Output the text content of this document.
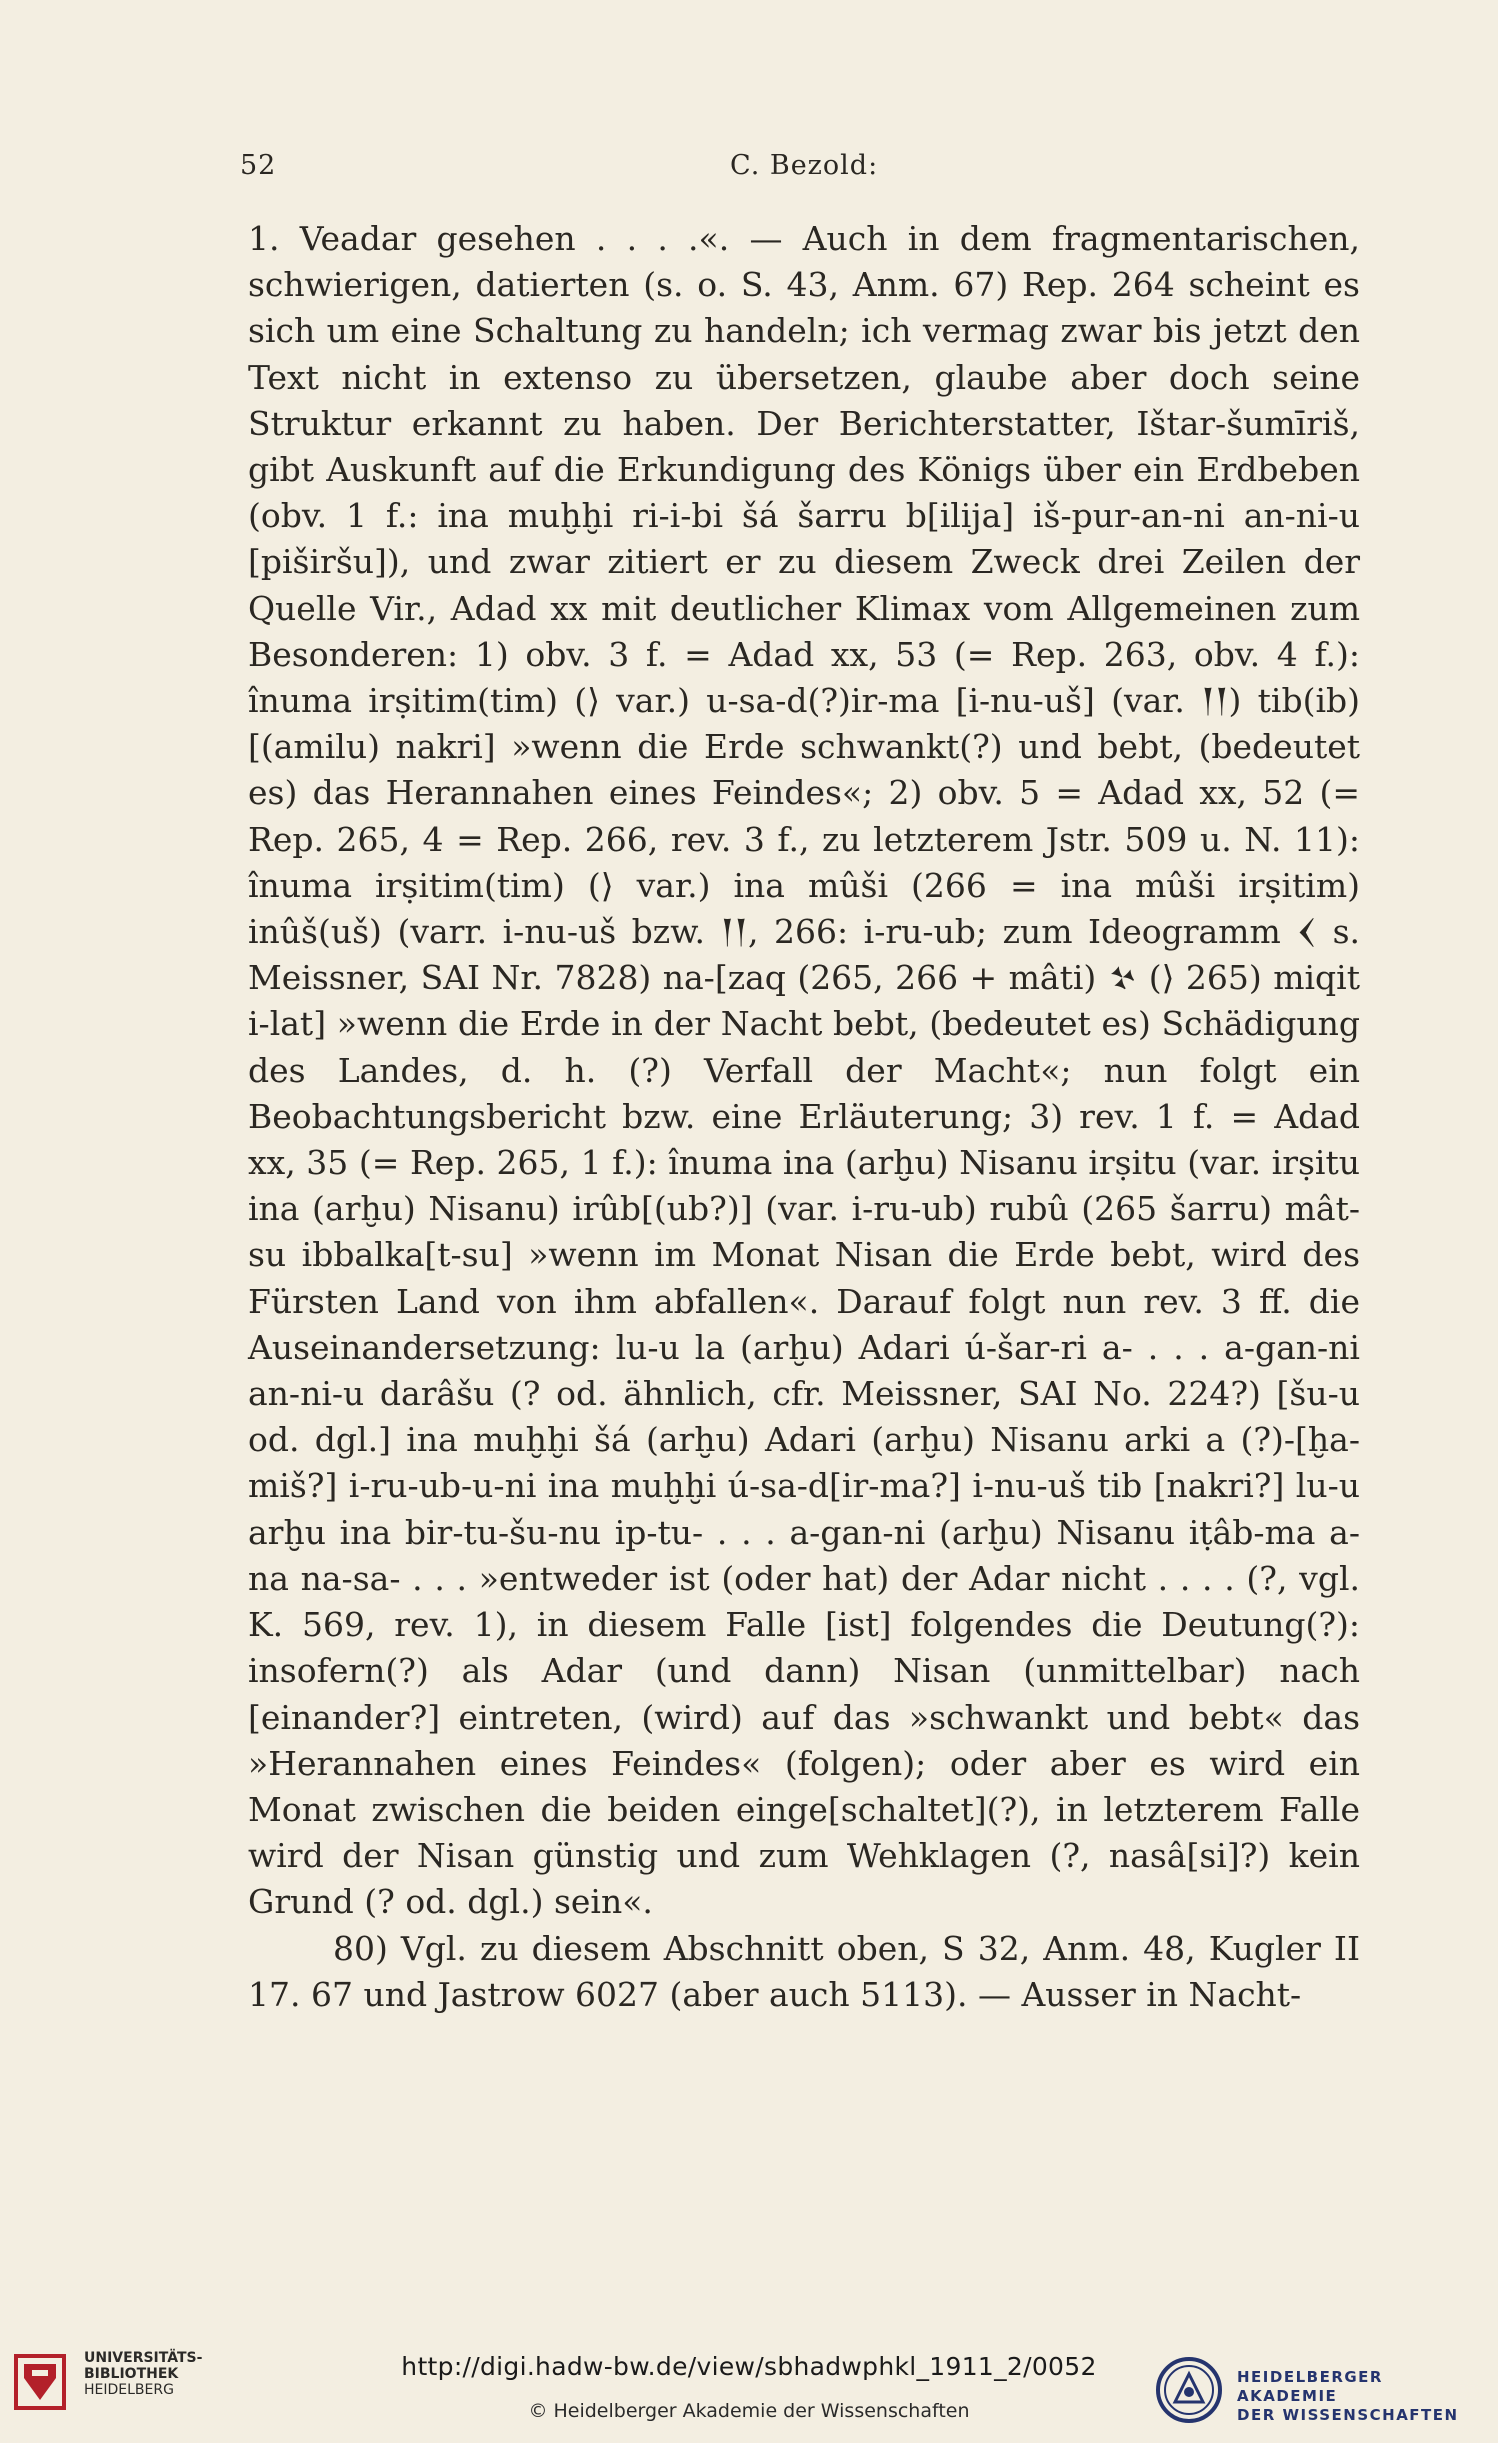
52	C. Bezold:

1. Veadar gesehen . . . .«. — Auch in dem fragmentarischen, schwierigen, datierten (s. o. S. 43, Anm. 67) Rep. 264 scheint es sich um eine Schaltung zu handeln; ich vermag zwar bis jetzt den Text nicht in extenso zu übersetzen, glaube aber doch seine Struktur erkannt zu haben. Der Berichterstatter, Ištar-šumīriš, gibt Auskunft auf die Erkundigung des Königs über ein Erdbeben (obv. 1 f.: ina muḫḫi ri-i-bi šá šarru b[ilija] iš-pur-an-ni an-ni-u [piširšu]), und zwar zitiert er zu diesem Zweck drei Zeilen der Quelle Vir., Adad xx mit deutlicher Klimax vom Allgemeinen zum Besonderen: 1) obv. 3 f. = Adad xx, 53 (= Rep. 263, obv. 4 f.): înuma irṣitim(tim) (⟩ var.) u-sa-d(?)ir-ma [i-nu-uš] (var. 𒁹𒁹) tib(ib) [(amilu) nakri] »wenn die Erde schwankt(?) und bebt, (bedeutet es) das Herannahen eines Feindes«; 2) obv. 5 = Adad xx, 52 (= Rep. 265, 4 = Rep. 266, rev. 3 f., zu letzterem Jstr. 509 u. N. 11): înuma irṣitim(tim) (⟩ var.) ina mûši (266 = ina mûši irṣitim) inûš(uš) (varr. i-nu-uš bzw. 𒁹𒁹, 266: i-ru-ub; zum Ideogramm 𒌋 s. Meissner, SAI Nr. 7828) na-[zaq (265, 266 + mâti) 𒆳 (⟩ 265) miqit i-lat] »wenn die Erde in der Nacht bebt, (bedeutet es) Schädigung des Landes, d. h. (?) Verfall der Macht«; nun folgt ein Beobachtungsbericht bzw. eine Erläuterung; 3) rev. 1 f. = Adad xx, 35 (= Rep. 265, 1 f.): înuma ina (arḫu) Nisanu irṣitu (var. irṣitu ina (arḫu) Nisanu) irûb[(ub?)] (var. i-ru-ub) rubû (265 šarru) mât-su ibbalka[t-su] »wenn im Monat Nisan die Erde bebt, wird des Fürsten Land von ihm abfallen«. Darauf folgt nun rev. 3 ff. die Auseinandersetzung: lu-u la (arḫu) Adari ú-šar-ri a- . . . a-gan-ni an-ni-u darâšu (? od. ähnlich, cfr. Meissner, SAI No. 224?) [šu-u od. dgl.] ina muḫḫi šá (arḫu) Adari (arḫu) Nisanu arki a (?)-[ḫa-miš?] i-ru-ub-u-ni ina muḫḫi ú-sa-d[ir-ma?] i-nu-uš tib [nakri?] lu-u arḫu ina bir-tu-šu-nu ip-tu- . . . a-gan-ni (arḫu) Nisanu iṭâb-ma a-na na-sa- . . . »entweder ist (oder hat) der Adar nicht . . . . (?, vgl. K. 569, rev. 1), in diesem Falle [ist] folgendes die Deutung(?): insofern(?) als Adar (und dann) Nisan (unmittelbar) nach [einander?] eintreten, (wird) auf das »schwankt und bebt« das »Herannahen eines Feindes« (folgen); oder aber es wird ein Monat zwischen die beiden einge[schaltet](?), in letzterem Falle wird der Nisan günstig und zum Wehklagen (?, nasâ[si]?) kein Grund (? od. dgl.) sein«.

80) Vgl. zu diesem Abschnitt oben, S 32, Anm. 48, Kugler II 17. 67 und Jastrow 6027 (aber auch 5113). — Ausser in Nacht-

UNIVERSITÄTS-
BIBLIOTHEK
HEIDELBERG
http://digi.hadw-bw.de/view/sbhadwphkl_1911_2/0052
© Heidelberger Akademie der Wissenschaften
HEIDELBERGER AKADEMIE
DER WISSENSCHAFTEN
